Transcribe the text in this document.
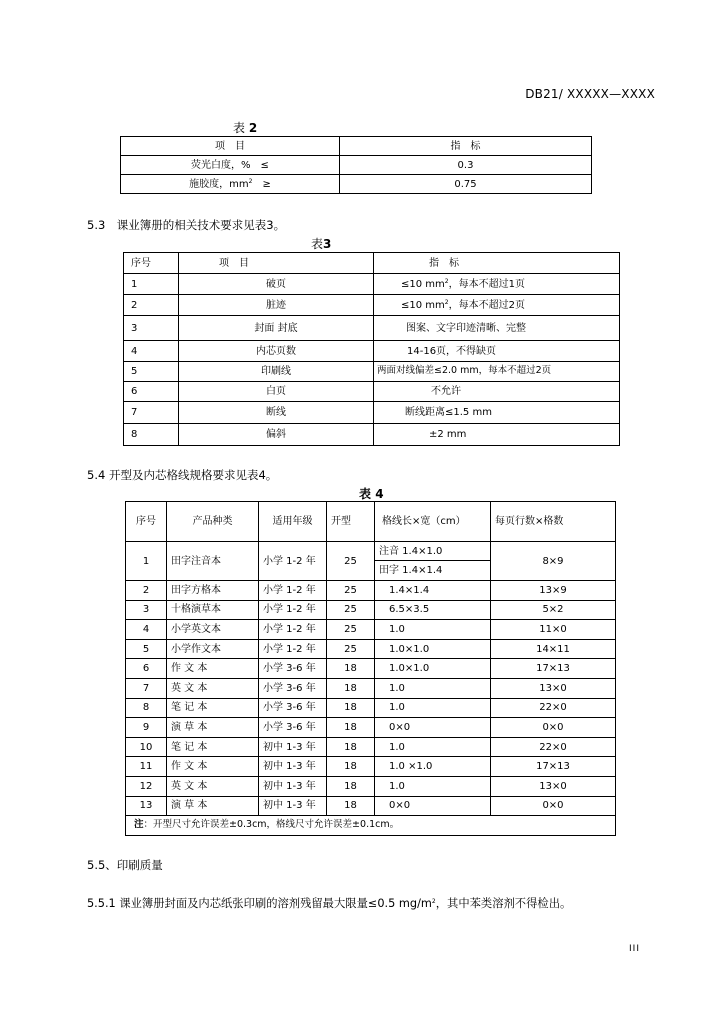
DB21/ XXXXX—XXXX
表 2
项　目	指　标
荧光白度，%　≤	0.3
施胶度，$mm^2$　≥	0.75
5.3　课业簿册的相关技术要求见表3。
表3
序号	项　目	指　标
1	破页	≤10 $mm^2$，每本不超过1页
2	脏迹	≤10 $mm^2$，每本不超过2页
3	封面 封底	图案、文字印迹清晰、完整
4	内芯页数	14-16页，不得缺页
5	印刷线	两面对线偏差≤2.0 mm，每本不超过2页
6	白页	不允许
7	断线	断线距离≤1.5 mm
8	偏斜	±2 mm
5.4 开型及内芯格线规格要求见表4。
表 4
序号	产品种类	适用年级	开型	格线长×宽（cm）	每页行数×格数
1	田字注音本	小学 1-2 年	25	注音 1.4×1.0	8×9
				田字 1.4×1.4	
2	田字方格本	小学 1-2 年	25	1.4×1.4	13×9
3	十格演草本	小学 1-2 年	25	6.5×3.5	5×2
4	小学英文本	小学 1-2 年	25	1.0	11×0
5	小学作文本	小学 1-2 年	25	1.0×1.0	14×11
6	作 文 本	小学 3-6 年	18	1.0×1.0	17×13
7	英 文 本	小学 3-6 年	18	1.0	13×0
8	笔 记 本	小学 3-6 年	18	1.0	22×0
9	演 草 本	小学 3-6 年	18	0×0	0×0
10	笔 记 本	初中 1-3 年	18	1.0	22×0
11	作 文 本	初中 1-3 年	18	1.0 ×1.0	17×13
12	英 文 本	初中 1-3 年	18	1.0	13×0
13	演 草 本	初中 1-3 年	18	0×0	0×0
注：开型尺寸允许误差±0.3cm，格线尺寸允许误差±0.1cm。					
5.5、印刷质量
5.5.1 课业簿册封面及内芯纸张印刷的溶剂残留最大限量≤0.5 $mg/m^2$，其中苯类溶剂不得检出。
III
